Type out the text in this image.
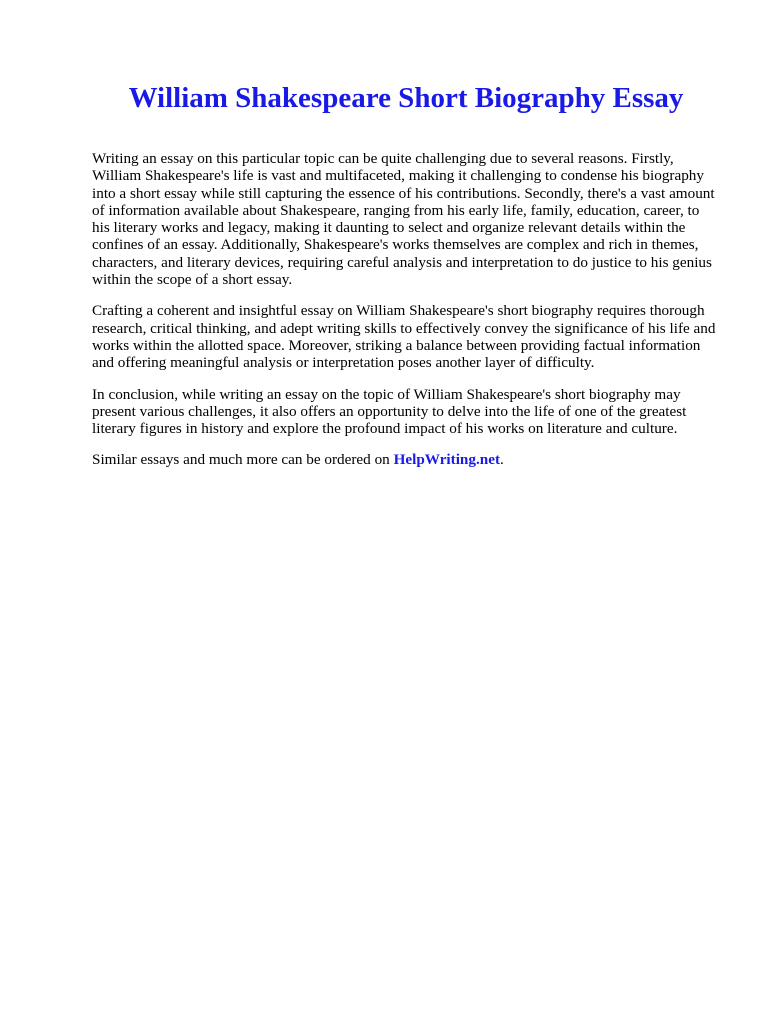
William Shakespeare Short Biography Essay

Writing an essay on this particular topic can be quite challenging due to several reasons. Firstly, William Shakespeare's life is vast and multifaceted, making it challenging to condense his biography into a short essay while still capturing the essence of his contributions. Secondly, there's a vast amount of information available about Shakespeare, ranging from his early life, family, education, career, to his literary works and legacy, making it daunting to select and organize relevant details within the confines of an essay. Additionally, Shakespeare's works themselves are complex and rich in themes, characters, and literary devices, requiring careful analysis and interpretation to do justice to his genius within the scope of a short essay.

Crafting a coherent and insightful essay on William Shakespeare's short biography requires thorough research, critical thinking, and adept writing skills to effectively convey the significance of his life and works within the allotted space. Moreover, striking a balance between providing factual information and offering meaningful analysis or interpretation poses another layer of difficulty.

In conclusion, while writing an essay on the topic of William Shakespeare's short biography may present various challenges, it also offers an opportunity to delve into the life of one of the greatest literary figures in history and explore the profound impact of his works on literature and culture.

Similar essays and much more can be ordered on HelpWriting.net.
